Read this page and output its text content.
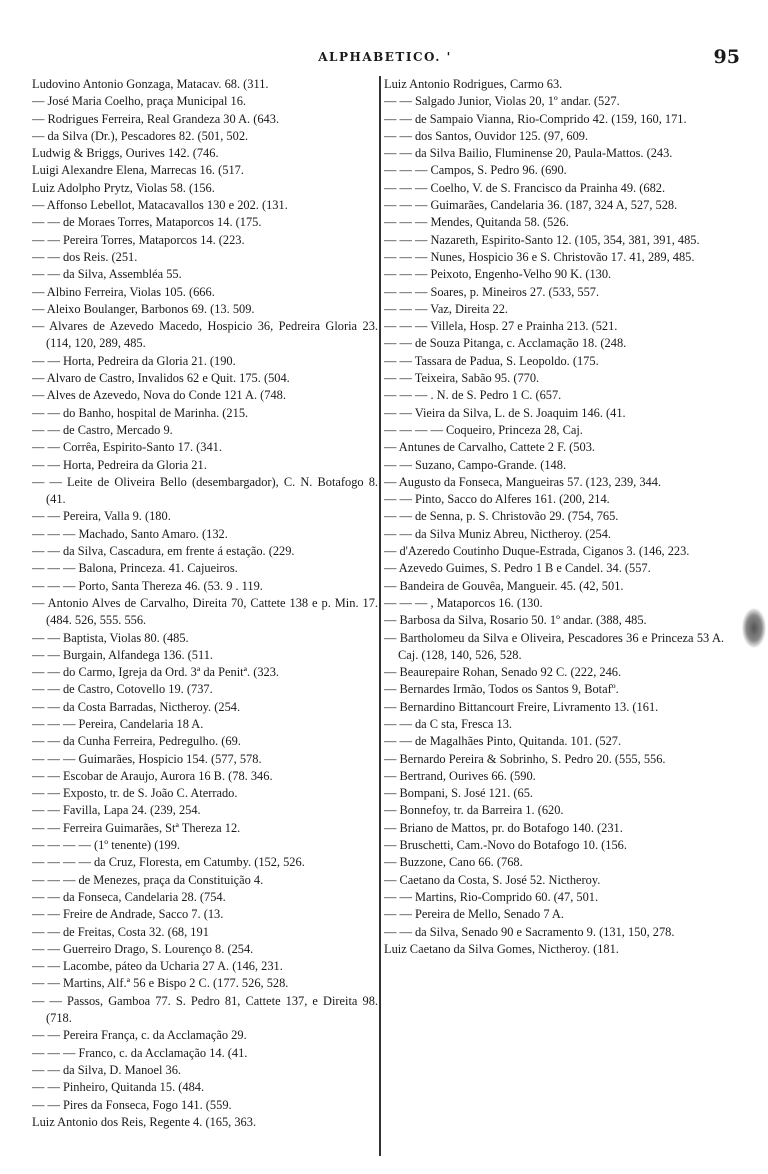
ALPHABETICO. '	95

Ludovino Antonio Gonzaga, Matacav. 68. (311.

— José Maria Coelho, praça Municipal 16.

— Rodrigues Ferreira, Real Grandeza 30 A. (643.

— da Silva (Dr.), Pescadores 82. (501, 502.

Ludwig & Briggs, Ourives 142. (746.

Luigi Alexandre Elena, Marrecas 16. (517.

Luiz Adolpho Prytz, Violas 58. (156.

— Affonso Lebellot, Matacavallos 130 e 202. (131.

— — de Moraes Torres, Mataporcos 14. (175.

— — Pereira Torres, Mataporcos 14. (223.

— — dos Reis. (251.

— — da Silva, Assembléa 55.

— Albino Ferreira, Violas 105. (666.

— Aleixo Boulanger, Barbonos 69. (13. 509.

— Alvares de Azevedo Macedo, Hospicio 36, Pedreira Gloria 23. (114, 120, 289, 485.

— — Horta, Pedreira da Gloria 21. (190.

— Alvaro de Castro, Invalidos 62 e Quit. 175. (504.

— Alves de Azevedo, Nova do Conde 121 A. (748.

— — do Banho, hospital de Marinha. (215.

— — de Castro, Mercado 9.

— — Corrêa, Espirito-Santo 17. (341.

— — Horta, Pedreira da Gloria 21.

— — Leite de Oliveira Bello (desembargador), C. N. Botafogo 8. (41.

— — Pereira, Valla 9. (180.

— — — Machado, Santo Amaro. (132.

— — da Silva, Cascadura, em frente á estação. (229.

— — — Balona, Princeza. 41. Cajueiros.

— — — Porto, Santa Thereza 46. (53. 9 . 119.

— Antonio Alves de Carvalho, Direita 70, Cattete 138 e p. Min. 17. (484. 526, 555. 556.

— — Baptista, Violas 80. (485.

— — Burgain, Alfandega 136. (511.

— — do Carmo, Igreja da Ord. 3ª da Penitª. (323.

— — de Castro, Cotovello 19. (737.

— — da Costa Barradas, Nictheroy. (254.

— — — Pereira, Candelaria 18 A.

— — da Cunha Ferreira, Pedregulho. (69.

— — — Guimarães, Hospicio 154. (577, 578.

— — Escobar de Araujo, Aurora 16 B. (78. 346.

— — Exposto, tr. de S. João C. Aterrado.

— — Favilla, Lapa 24. (239, 254.

— — Ferreira Guimarães, Stª Thereza 12.

— — — — (1º tenente) (199.

— — — — da Cruz, Floresta, em Catumby. (152, 526.

— — — de Menezes, praça da Constituição 4.

— — da Fonseca, Candelaria 28. (754.

— — Freire de Andrade, Sacco 7. (13.

— — de Freitas, Costa 32. (68, 191

— — Guerreiro Drago, S. Lourenço 8. (254.

— — Lacombe, páteo da Ucharia 27 A. (146, 231.

— — Martins, Alf.ª 56 e Bispo 2 C. (177. 526, 528.

— — Passos, Gamboa 77. S. Pedro 81, Cattete 137, e Direita 98. (718.

— — Pereira França, c. da Acclamação 29.

— — — Franco, c. da Acclamação 14. (41.

— — da Silva, D. Manoel 36.

— — Pinheiro, Quitanda 15. (484.

— — Pires da Fonseca, Fogo 141. (559.

Luiz Antonio dos Reis, Regente 4. (165, 363.

Luiz Antonio Rodrigues, Carmo 63.

— — Salgado Junior, Violas 20, 1º andar. (527.

— — de Sampaio Vianna, Rio-Comprido 42. (159, 160, 171.

— — dos Santos, Ouvidor 125. (97, 609.

— — da Silva Bailio, Fluminense 20, Paula-Mattos. (243.

— — — Campos, S. Pedro 96. (690.

— — — Coelho, V. de S. Francisco da Prainha 49. (682.

— — — Guimarães, Candelaria 36. (187, 324 A, 527, 528.

— — — Mendes, Quitanda 58. (526.

— — — Nazareth, Espirito-Santo 12. (105, 354, 381, 391, 485.

— — — Nunes, Hospicio 36 e S. Christovão 17. 41, 289, 485.

— — — Peixoto, Engenho-Velho 90 K. (130.

— — — Soares, p. Mineiros 27. (533, 557.

— — — Vaz, Direita 22.

— — — Villela, Hosp. 27 e Prainha 213. (521.

— — de Souza Pitanga, c. Acclamação 18. (248.

— — Tassara de Padua, S. Leopoldo. (175.

— — Teixeira, Sabão 95. (770.

— — — . N. de S. Pedro 1 C. (657.

— — Vieira da Silva, L. de S. Joaquim 146. (41.

— — — — Coqueiro, Princeza 28, Caj.

— Antunes de Carvalho, Cattete 2 F. (503.

— — Suzano, Campo-Grande. (148.

— Augusto da Fonseca, Mangueiras 57. (123, 239, 344.

— — Pinto, Sacco do Alferes 161. (200, 214.

— — de Senna, p. S. Christovão 29. (754, 765.

— — da Silva Muniz Abreu, Nictheroy. (254.

— d'Azeredo Coutinho Duque-Estrada, Ciganos 3. (146, 223.

— Azevedo Guimes, S. Pedro 1 B e Candel. 34. (557.

— Bandeira de Gouvêa, Mangueir. 45. (42, 501.

— — — , Mataporcos 16. (130.

— Barbosa da Silva, Rosario 50. 1º andar. (388, 485.

— Bartholomeu da Silva e Oliveira, Pescadores 36 e Princeza 53 A. Caj. (128, 140, 526, 528.

— Beaurepaire Rohan, Senado 92 C. (222, 246.

— Bernardes Irmão, Todos os Santos 9, Botafº.

— Bernardino Bittancourt Freire, Livramento 13. (161.

— — da C sta, Fresca 13.

— — de Magalhães Pinto, Quitanda. 101. (527.

— Bernardo Pereira & Sobrinho, S. Pedro 20. (555, 556.

— Bertrand, Ourives 66. (590.

— Bompani, S. José 121. (65.

— Bonnefoy, tr. da Barreira 1. (620.

— Briano de Mattos, pr. do Botafogo 140. (231.

— Bruschetti, Cam.-Novo do Botafogo 10. (156.

— Buzzone, Cano 66. (768.

— Caetano da Costa, S. José 52. Nictheroy.

— — Martins, Rio-Comprido 60. (47, 501.

— — Pereira de Mello, Senado 7 A.

— — da Silva, Senado 90 e Sacramento 9. (131, 150, 278.

Luiz Caetano da Silva Gomes, Nictheroy. (181.
